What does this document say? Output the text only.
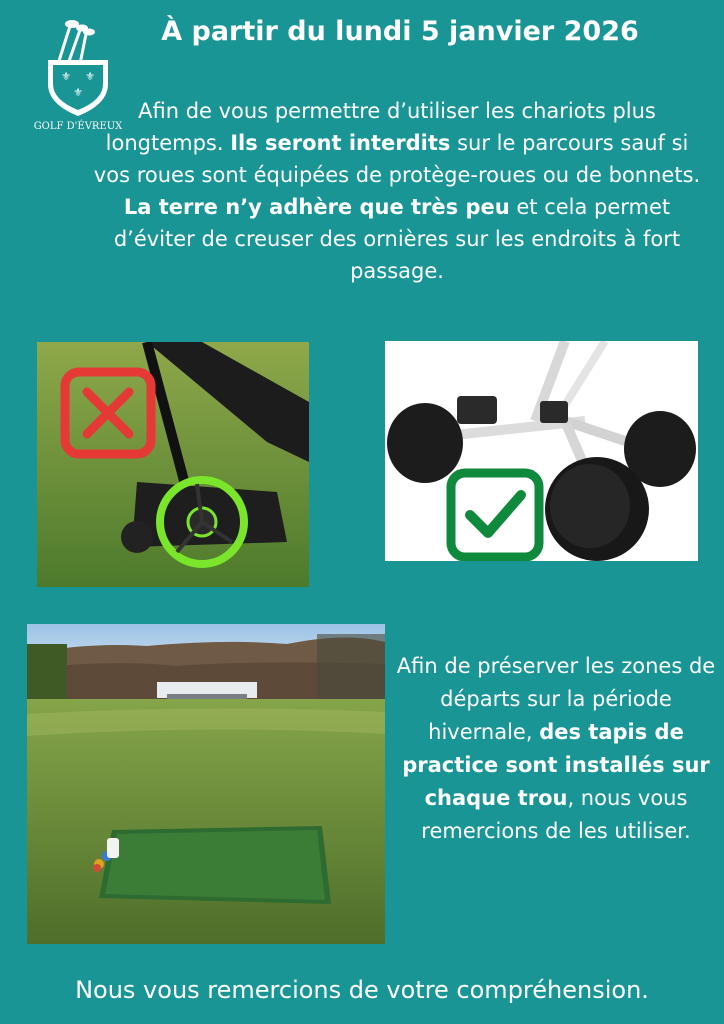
⚜ ⚜
⚜
GOLF D'ÉVREUX
À partir du lundi 5 janvier 2026
Afin de vous permettre d’utiliser les chariots plus longtemps. Ils seront interdits sur le parcours sauf si vos roues sont équipées de protège-roues ou de bonnets. La terre n’y adhère que très peu et cela permet d’éviter de creuser des ornières sur les endroits à fort passage.
Afin de préserver les zones de départs sur la période hivernale, des tapis de practice sont installés sur chaque trou, nous vous remercions de les utiliser.
Nous vous remercions de votre compréhension.
